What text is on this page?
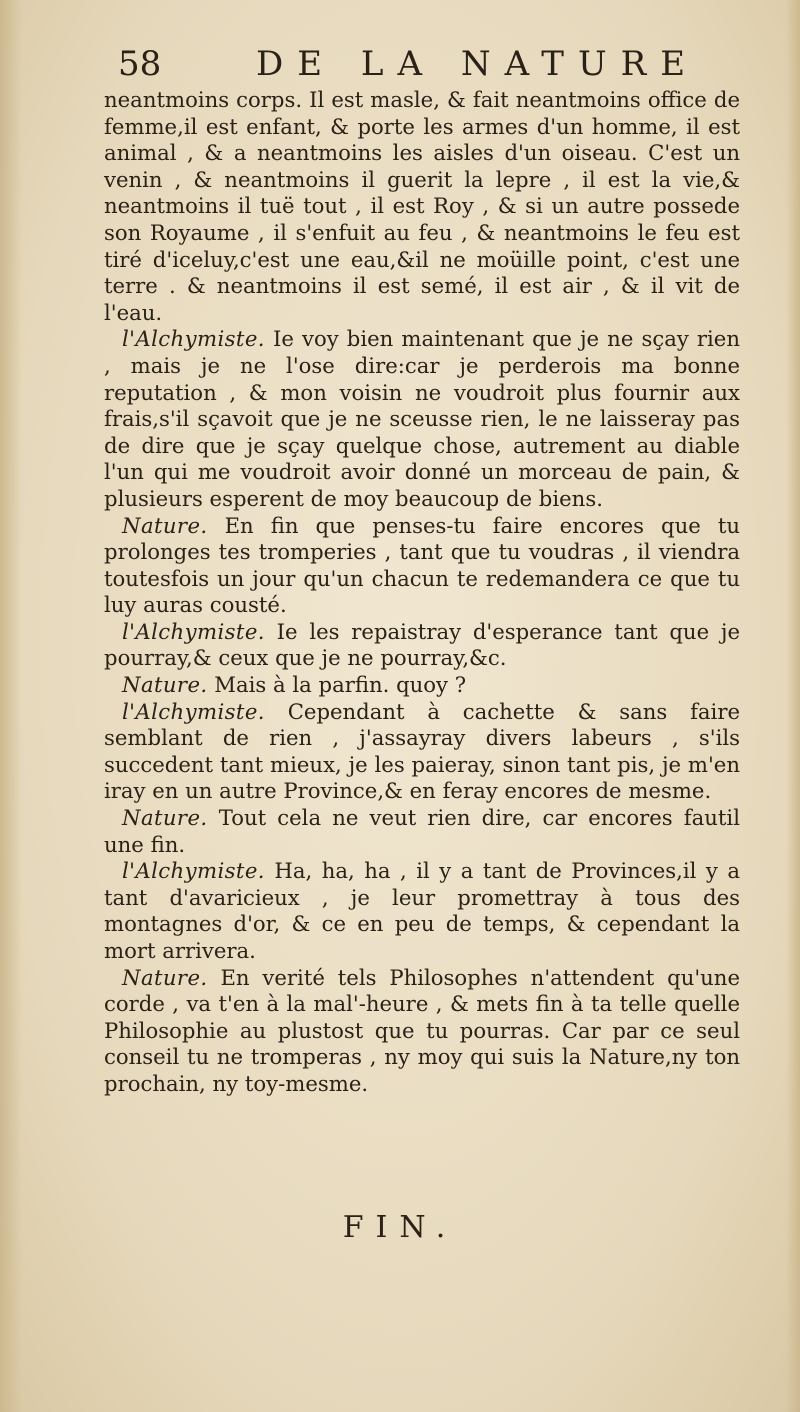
58	DE LA NATURE

neantmoins corps. Il est masle, & fait neantmoins office de femme,il est enfant, & porte les armes d'un homme, il est animal , & a neantmoins les aisles d'un oiseau. C'est un venin , & neantmoins il guerit la lepre , il est la vie,& neantmoins il tuë tout , il est Roy , & si un autre possede son Royaume , il s'enfuit au feu , & neantmoins le feu est tiré d'iceluy,c'est une eau,&il ne moüille point, c'est une terre . & neantmoins il est semé, il est air , & il vit de l'eau.

l'Alchymiste. Ie voy bien maintenant que je ne sçay rien , mais je ne l'ose dire:car je perderois ma bonne reputation , & mon voisin ne voudroit plus fournir aux frais,s'il sçavoit que je ne sceusse rien, le ne laisseray pas de dire que je sçay quelque chose, autrement au diable l'un qui me voudroit avoir donné un morceau de pain, & plusieurs esperent de moy beaucoup de biens.

Nature. En fin que penses-tu faire encores que tu prolonges tes tromperies , tant que tu voudras , il viendra toutesfois un jour qu'un chacun te redemandera ce que tu luy auras cousté.

l'Alchymiste. Ie les repaistray d'esperance tant que je pourray,& ceux que je ne pourray,&c.

Nature. Mais à la parfin. quoy ?

l'Alchymiste. Cependant à cachette & sans faire semblant de rien , j'assayray divers labeurs , s'ils succedent tant mieux, je les paieray, sinon tant pis, je m'en iray en un autre Province,& en feray encores de mesme.

Nature. Tout cela ne veut rien dire, car encores fautil une fin.

l'Alchymiste. Ha, ha, ha , il y a tant de Provinces,il y a tant d'avaricieux , je leur promettray à tous des montagnes d'or, & ce en peu de temps, & cependant la mort arrivera.

Nature. En verité tels Philosophes n'attendent qu'une corde , va t'en à la mal'-heure , & mets fin à ta telle quelle Philosophie au plustost que tu pourras. Car par ce seul conseil tu ne tromperas , ny moy qui suis la Nature,ny ton prochain, ny toy-mesme.

FIN.
